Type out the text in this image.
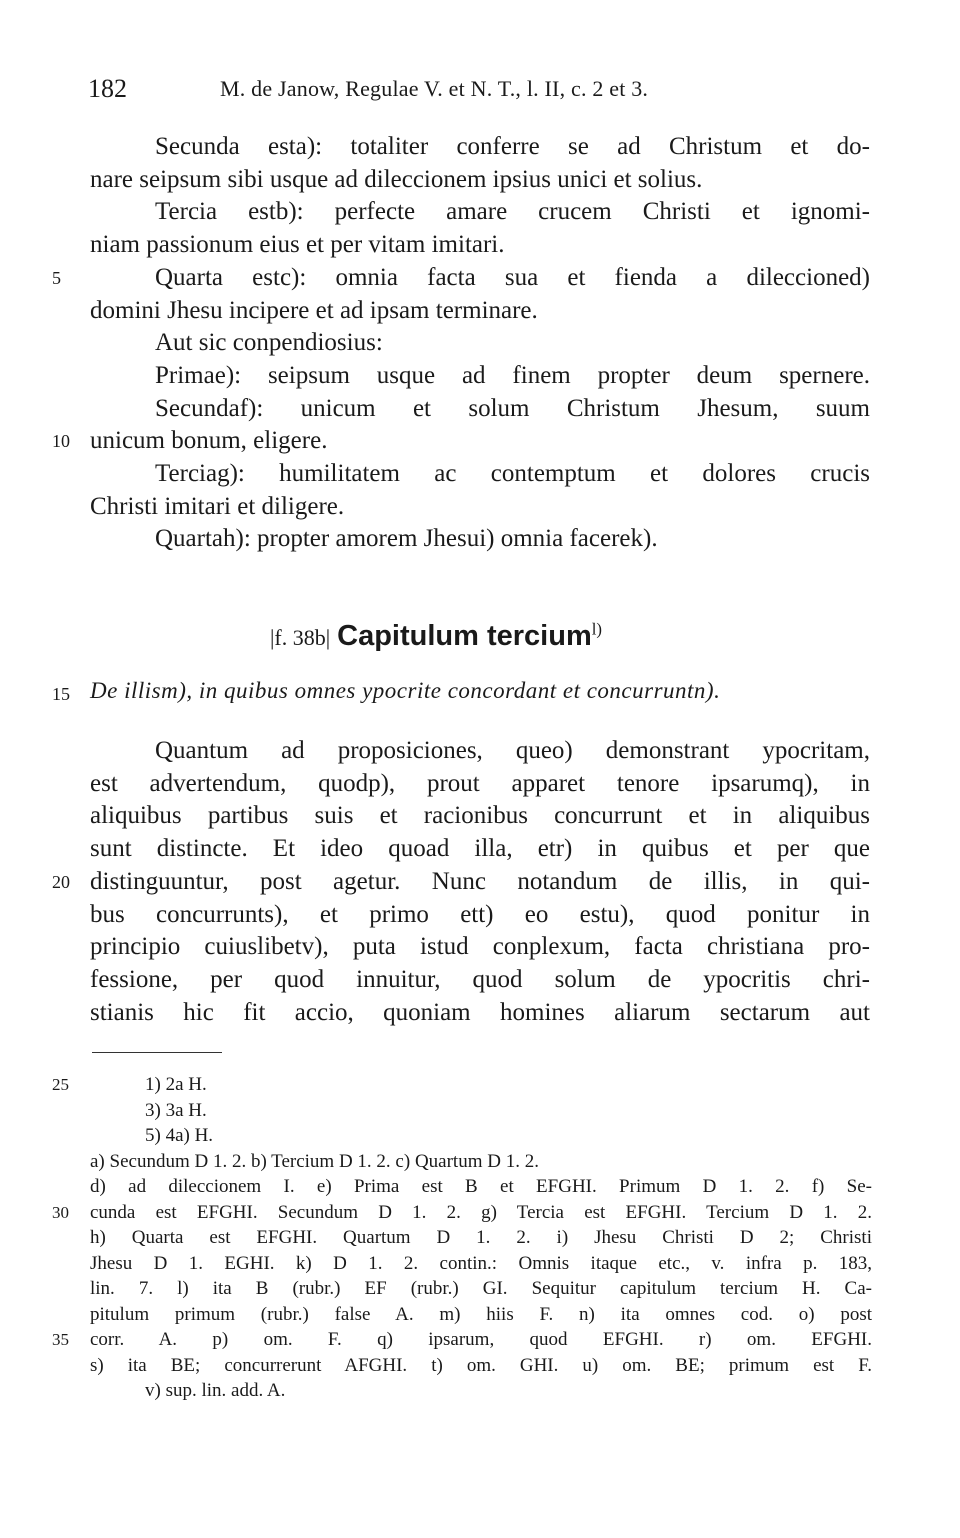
182	M. de Janow, Regulae V. et N. T., l. II, c. 2 et 3.
Secunda esta): totaliter conferre se ad Christum et do-
nare seipsum sibi usque ad dileccionem ipsius unici et solius.
Tercia estb): perfecte amare crucem Christi et ignomi-
niam passionum eius et per vitam imitari.
Quarta estc): omnia facta sua et fienda a dileccioned)
5
domini Jhesu incipere et ad ipsam terminare.
Aut sic conpendiosius:
Primae): seipsum usque ad finem propter deum spernere.
Secundaf): unicum et solum Christum Jhesum, suum
unicum bonum, eligere.
10
Terciag): humilitatem ac contemptum et dolores crucis
Christi imitari et diligere.
Quartah): propter amorem Jhesui) omnia facerek).
|f. 38b| Capitulum tercium$^{l)}$
15 De illism), in quibus omnes ypocrite concordant et concurruntn).
Quantum ad proposiciones, queo) demonstrant ypocritam,
est advertendum, quodp), prout apparet tenore ipsarumq), in
aliquibus partibus suis et racionibus concurrunt et in aliquibus
sunt distincte. Et ideo quoad illa, etr) in quibus et per que
distinguuntur, post agetur. Nunc notandum de illis, in qui-
20
bus concurrunts), et primo ett) eo estu), quod ponitur in
principio cuiuslibetv), puta istud conplexum, facta christiana pro-
fessione, per quod innuitur, quod solum de ypocritis chri-
stianis hic fit accio, quoniam homines aliarum sectarum aut
1) 2a H.
25
3) 3a H.
5) 4a) H.
a) Secundum D 1. 2. b) Tercium D 1. 2. c) Quartum D 1. 2.
d) ad dileccionem I. e) Prima est B et EFGHI. Primum D 1. 2. f) Se-
cunda est EFGHI. Secundum D 1. 2. g) Tercia est EFGHI. Tercium D 1. 2.
30
h) Quarta est EFGHI. Quartum D 1. 2. i) Jhesu Christi D 2; Christi
Jhesu D 1. EGHI. k) D 1. 2. contin.: Omnis itaque etc., v. infra p. 183,
lin. 7. l) ita B (rubr.) EF (rubr.) GI. Sequitur capitulum tercium H. Ca-
pitulum primum (rubr.) false A. m) hiis F. n) ita omnes cod. o) post
corr. A. p) om. F. q) ipsarum, quod EFGHI. r) om. EFGHI.
35
s) ita BE; concurrerunt AFGHI. t) om. GHI. u) om. BE; primum est F.
v) sup. lin. add. A.
